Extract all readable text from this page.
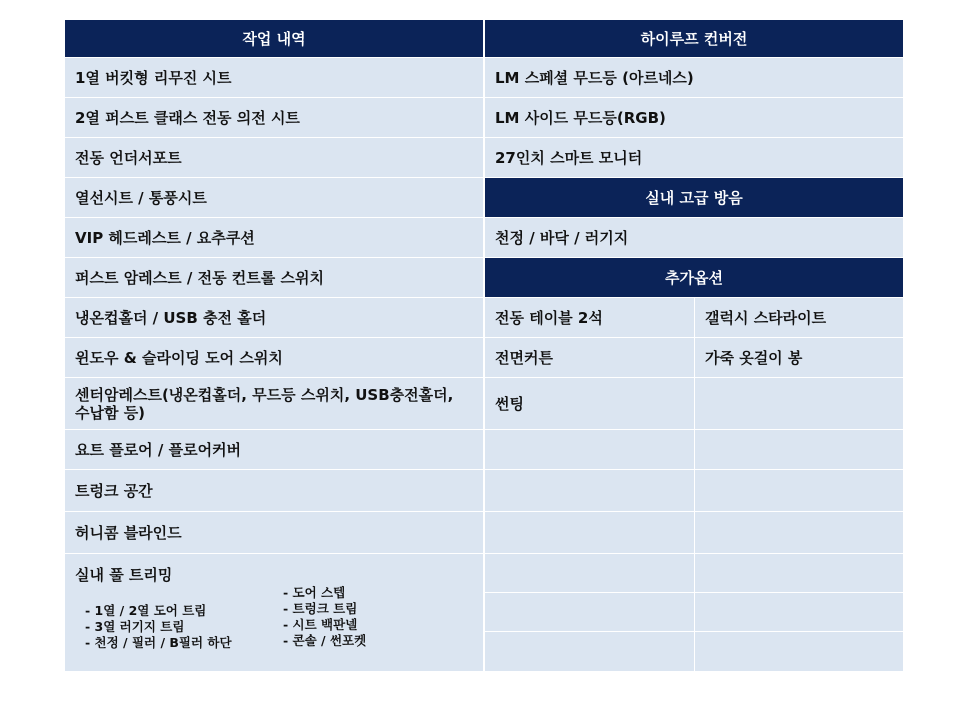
작업 내역
1열 버킷형 리무진 시트
2열 퍼스트 클래스 전동 의전 시트
전동 언더서포트
열선시트 / 통풍시트
VIP 헤드레스트 / 요추쿠션
퍼스트 암레스트 / 전동 컨트롤 스위치
냉온컵홀더 / USB 충전 홀더
윈도우 & 슬라이딩 도어 스위치
센터암레스트(냉온컵홀더, 무드등 스위치, USB충전홀더, 수납함 등)
요트 플로어 / 플로어커버
트렁크 공간
허니콤 블라인드
실내 풀 트리밍
- 1열 / 2열 도어 트림
- 3열 러기지 트림
- 천정 / 필러 / B필러 하단
- 도어 스텝
- 트렁크 트림
- 시트 백판넬
- 콘솔 / 썬포켓
하이루프 컨버전
LM 스페셜 무드등 (아르네스)
LM 사이드 무드등(RGB)
27인치 스마트 모니터
실내 고급 방음
천정 / 바닥 / 러기지
추가옵션
전동 테이블 2석	갤럭시 스타라이트
전면커튼	가죽 옷걸이 봉
썬팅
